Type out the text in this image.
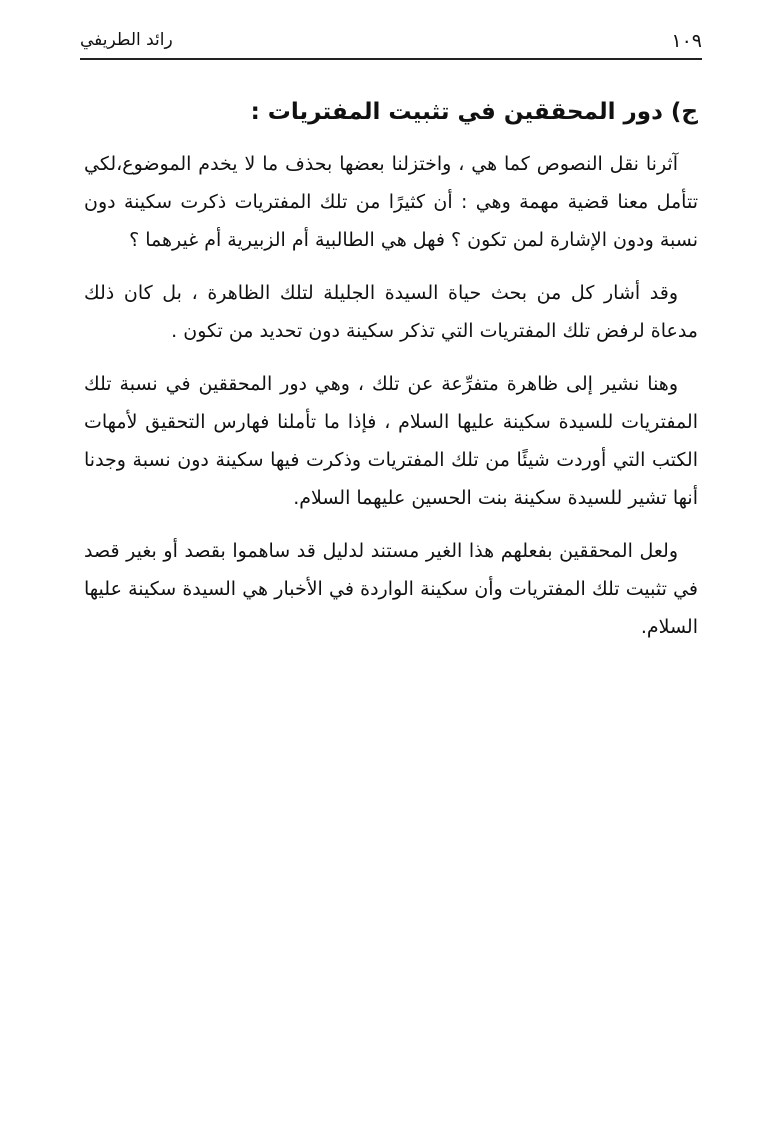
١٠٩
رائد الطريفي
ج) دور المحققين في تثبيت المفتريات :

آثرنا نقل النصوص كما هي ، واختزلنا بعضها بحذف ما لا يخدم الموضوع،لكي تتأمل معنا قضية مهمة وهي : أن كثيرًا من تلك المفتريات ذكرت سكينة دون نسبة ودون الإشارة لمن تكون ؟ فهل هي الطالبية أم الزبيرية أم غيرهما ؟

وقد أشار كل من بحث حياة السيدة الجليلة لتلك الظاهرة ، بل كان ذلك مدعاة لرفض تلك المفتريات التي تذكر سكينة دون تحديد من تكون .

وهنا نشير إلى ظاهرة متفرِّعة عن تلك ، وهي دور المحققين في نسبة تلك المفتريات للسيدة سكينة عليها السلام ، فإذا ما تأملنا فهارس التحقيق لأمهات الكتب التي أوردت شيئًا من تلك المفتريات وذكرت فيها سكينة دون نسبة وجدنا أنها تشير للسيدة سكينة بنت الحسين عليهما السلام.

ولعل المحققين بفعلهم هذا الغير مستند لدليل قد ساهموا بقصد أو بغير قصد في تثبيت تلك المفتريات وأن سكينة الواردة في الأخبار هي السيدة سكينة عليها السلام.
